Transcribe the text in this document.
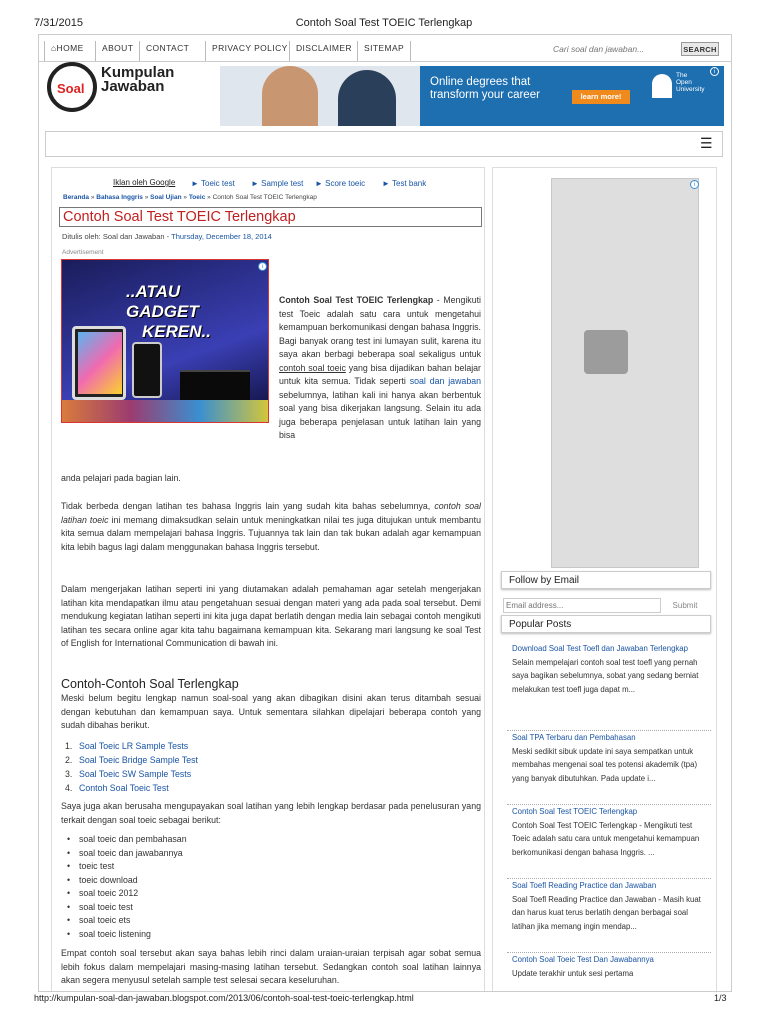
Contoh Soal Test TOEIC Terlengkap
7/31/2015
⌂HOME	ABOUT	CONTACT	PRIVACY POLICY DISCLAIMER	SITEMAP
Cari soal dan jawaban...	SEARCH
Soal
Kumpulan
Jawaban	Online degrees that transform your career	learn more!
The Open University
i
☰
Iklan oleh Google ► Toeic test ► Sample test ► Score toeic ► Test bank
Beranda » Bahasa Inggris » Soal Ujian » Toeic » Contoh Soal Test TOEIC Terlengkap
Contoh Soal Test TOEIC Terlengkap
Ditulis oleh: Soal dan Jawaban - Thursday, December 18, 2014
Advertisement
..ATAU
GADGET
KEREN..
i
Contoh Soal Test TOEIC Terlengkap - Mengikuti test Toeic adalah satu cara untuk mengetahui kemampuan berkomunikasi dengan bahasa Inggris. Bagi banyak orang test ini lumayan sulit, karena itu saya akan berbagi beberapa soal sekaligus untuk contoh soal toeic yang bisa dijadikan bahan belajar untuk kita semua. Tidak seperti soal dan jawaban sebelumnya, latihan kali ini hanya akan berbentuk soal yang bisa dikerjakan langsung. Selain itu ada juga beberapa penjelasan untuk latihan lain yang bisa
anda pelajari pada bagian lain.
Tidak berbeda dengan latihan tes bahasa Inggris lain yang sudah kita bahas sebelumnya, contoh soal latihan toeic ini memang dimaksudkan selain untuk meningkatkan nilai tes juga ditujukan untuk membantu kita semua dalam mempelajari bahasa Inggris. Tujuannya tak lain dan tak bukan adalah agar kemampuan kita lebih bagus lagi dalam menggunakan bahasa Inggris tersebut.
Dalam mengerjakan latihan seperti ini yang diutamakan adalah pemahaman agar setelah mengerjakan latihan kita mendapatkan ilmu atau pengetahuan sesuai dengan materi yang ada pada soal tersebut. Demi mendukung kegiatan latihan seperti ini kita juga dapat berlatih dengan media lain sebagai contoh mengikuti latihan tes secara online agar kita tahu bagaimana kemampuan kita. Sekarang mari langsung ke soal Test of English for International Communication di bawah ini.
Contoh-Contoh Soal Terlengkap
Meski belum begitu lengkap namun soal-soal yang akan dibagikan disini akan terus ditambah sesuai dengan kebutuhan dan kemampuan saya. Untuk sementara silahkan dipelajari beberapa contoh yang sudah dibahas berikut.
1. Soal Toeic LR Sample Tests
2. Soal Toeic Bridge Sample Test
3. Soal Toeic SW Sample Tests
4. Contoh Soal Toeic Test
Saya juga akan berusaha mengupayakan soal latihan yang lebih lengkap berdasar pada penelusuran yang terkait dengan soal toeic sebagai berikut:
• soal toeic dan pembahasan
• soal toeic dan jawabannya
• toeic test
• toeic download
• soal toeic 2012
• soal toeic test
• soal toeic ets
• soal toeic listening
Empat contoh soal tersebut akan saya bahas lebih rinci dalam uraian-uraian terpisah agar sobat semua lebih fokus dalam mempelajari masing-masing latihan tersebut. Sedangkan contoh soal latihan lainnya akan segera menyusul setelah sample test selesai secara keseluruhan.
i
Follow by Email
Email address...
Submit
Popular Posts
Download Soal Test Toefl dan Jawaban Terlengkap
Selain mempelajari contoh soal test toefl yang pernah saya bagikan sebelumnya, sobat yang sedang berniat melakukan test toefl juga dapat m...
Soal TPA Terbaru dan Pembahasan
Meski sedikit sibuk update ini saya sempatkan untuk membahas mengenai soal tes potensi akademik (tpa) yang banyak dibutuhkan. Pada update i...
Contoh Soal Test TOEIC Terlengkap
Contoh Soal Test TOEIC Terlengkap - Mengikuti test Toeic adalah satu cara untuk mengetahui kemampuan berkomunikasi dengan bahasa Inggris. ...
Soal Toefl Reading Practice dan Jawaban
Soal Toefl Reading Practice dan Jawaban - Masih kuat dan harus kuat terus berlatih dengan berbagai soal latihan jika memang ingin mendap...
Contoh Soal Toeic Test Dan Jawabannya
Update terakhir untuk sesi pertama
http://kumpulan-soal-dan-jawaban.blogspot.com/2013/06/contoh-soal-test-toeic-terlengkap.html	1/3
